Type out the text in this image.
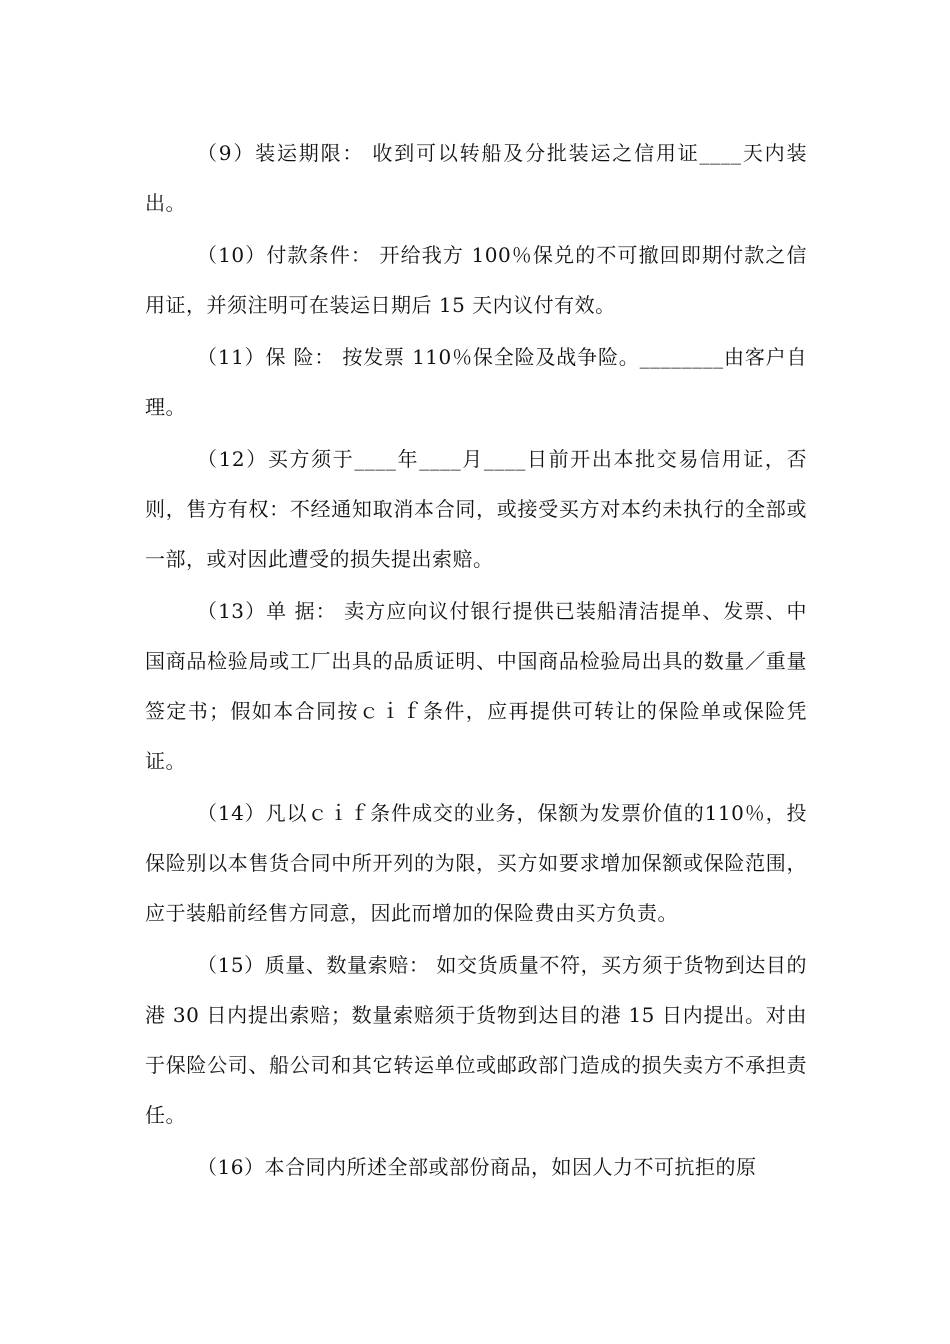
（9）装运期限： 收到可以转船及分批装运之信用证____天内装出。

（10）付款条件： 开给我方 100％保兑的不可撤回即期付款之信用证，并须注明可在装运日期后 15 天内议付有效。

（11）保 险： 按发票 110％保全险及战争险。________由客户自理。

（12）买方须于____年____月____日前开出本批交易信用证，否则，售方有权：不经通知取消本合同，或接受买方对本约未执行的全部或一部，或对因此遭受的损失提出索赔。

（13）单 据： 卖方应向议付银行提供已装船清洁提单、发票、中国商品检验局或工厂出具的品质证明、中国商品检验局出具的数量／重量签定书；假如本合同按ｃｉｆ条件，应再提供可转让的保险单或保险凭证。

（14）凡以ｃｉｆ条件成交的业务，保额为发票价值的110％，投保险别以本售货合同中所开列的为限，买方如要求增加保额或保险范围，应于装船前经售方同意，因此而增加的保险费由买方负责。

（15）质量、数量索赔： 如交货质量不符，买方须于货物到达目的港 30 日内提出索赔；数量索赔须于货物到达目的港 15 日内提出。对由于保险公司、船公司和其它转运单位或邮政部门造成的损失卖方不承担责任。

（16）本合同内所述全部或部份商品，如因人力不可抗拒的原
